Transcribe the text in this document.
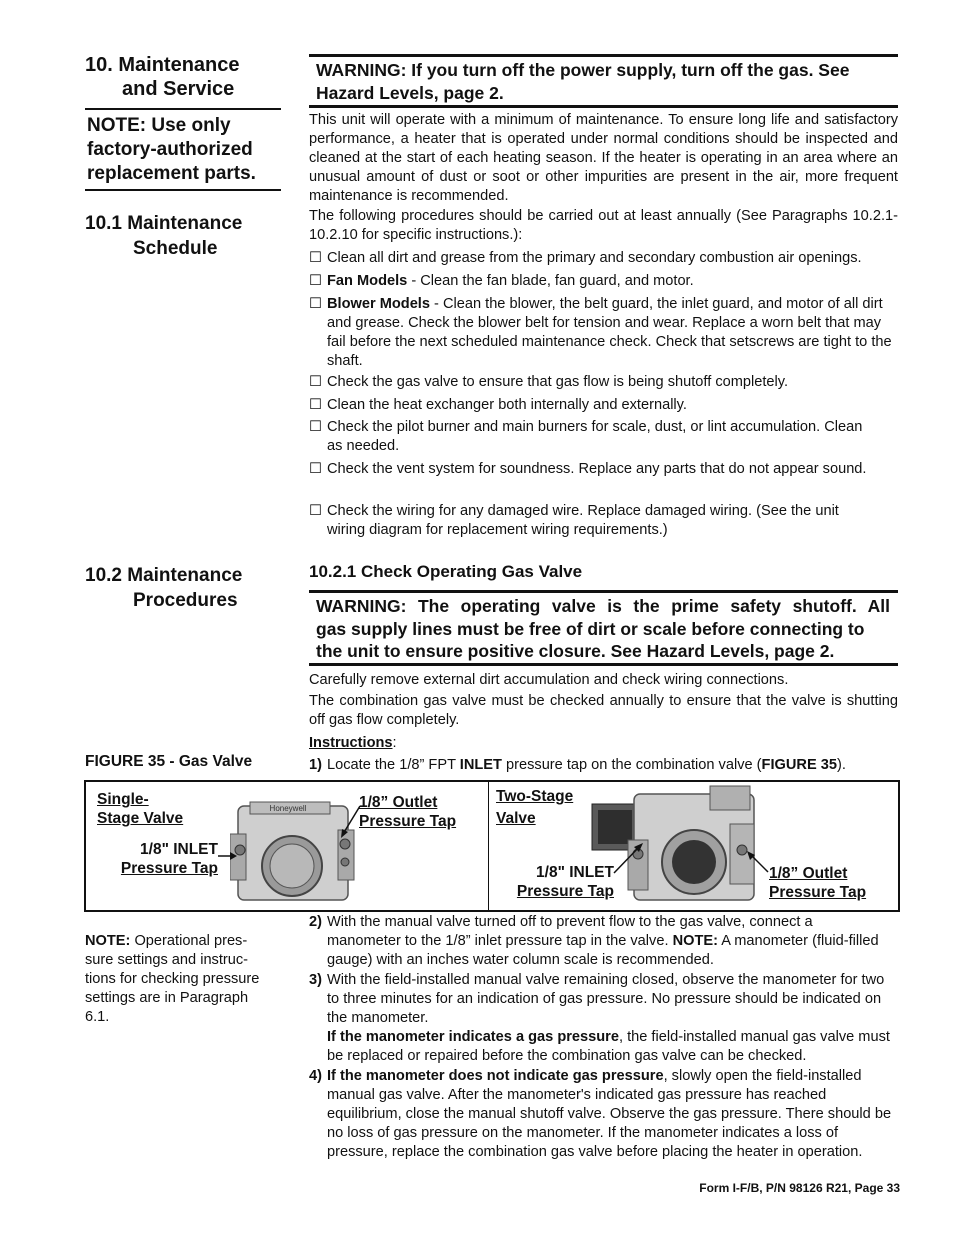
10. Maintenance
and Service
NOTE: Use only
factory-authorized
replacement parts.
10.1 Maintenance
Schedule
10.2 Maintenance
Procedures
FIGURE 35 - Gas Valve
NOTE: Operational pres-
sure settings and instruc-
tions for checking pressure
settings are in Paragraph
6.1.
WARNING: If you turn off the power supply, turn off the gas. See
Hazard Levels, page 2.
This unit will operate with a minimum of maintenance. To ensure long life and satisfactory performance, a heater that is operated under normal conditions should be inspected and cleaned at the start of each heating season. If the heater is operating in an area where an unusual amount of dust or soot or other impurities are present in the air, more frequent maintenance is recommended.
The following procedures should be carried out at least annually (See Paragraphs 10.2.1-10.2.10 for specific instructions.):
☐ Clean all dirt and grease from the primary and secondary combustion air openings.
☐ Fan Models - Clean the fan blade, fan guard, and motor.
☐ Blower Models - Clean the blower, the belt guard, the inlet guard, and motor of all dirt and grease. Check the blower belt for tension and wear. Replace a worn belt that may fail before the next scheduled maintenance check. Check that setscrews are tight to the shaft.
☐ Check the gas valve to ensure that gas flow is being shutoff completely.
☐ Clean the heat exchanger both internally and externally.
☐ Check the pilot burner and main burners for scale, dust, or lint accumulation. Clean as needed.
☐ Check the vent system for soundness. Replace any parts that do not appear sound.
☐ Check the wiring for any damaged wire. Replace damaged wiring. (See the unit wiring diagram for replacement wiring requirements.)
10.2.1 Check Operating Gas Valve
WARNING: The operating valve is the prime safety shutoff. All
gas supply lines must be free of dirt or scale before connecting to
the unit to ensure positive closure. See Hazard Levels, page 2.
Carefully remove external dirt accumulation and check wiring connections.
The combination gas valve must be checked annually to ensure that the valve is shutting off gas flow completely.
Instructions:
1) Locate the 1/8” FPT INLET pressure tap on the combination valve (FIGURE 35).
Honeywell
Single-
Stage Valve
1/8" INLET
Pressure Tap
1/8” Outlet
Pressure Tap
Two-Stage
Valve
1/8" INLET
Pressure Tap
1/8” Outlet
Pressure Tap
2) With the manual valve turned off to prevent flow to the gas valve, connect a manometer to the 1/8” inlet pressure tap in the valve. NOTE: A manometer (fluid-filled gauge) with an inches water column scale is recommended.
3) With the field-installed manual valve remaining closed, observe the manometer for two to three minutes for an indication of gas pressure. No pressure should be indicated on the manometer.
If the manometer indicates a gas pressure, the field-installed manual gas valve must be replaced or repaired before the combination gas valve can be checked.
4) If the manometer does not indicate gas pressure, slowly open the field-installed manual gas valve. After the manometer's indicated gas pressure has reached equilibrium, close the manual shutoff valve. Observe the gas pressure. There should be no loss of gas pressure on the manometer. If the manometer indicates a loss of pressure, replace the combination gas valve before placing the heater in operation.
Form I-F/B, P/N 98126 R21, Page 33
